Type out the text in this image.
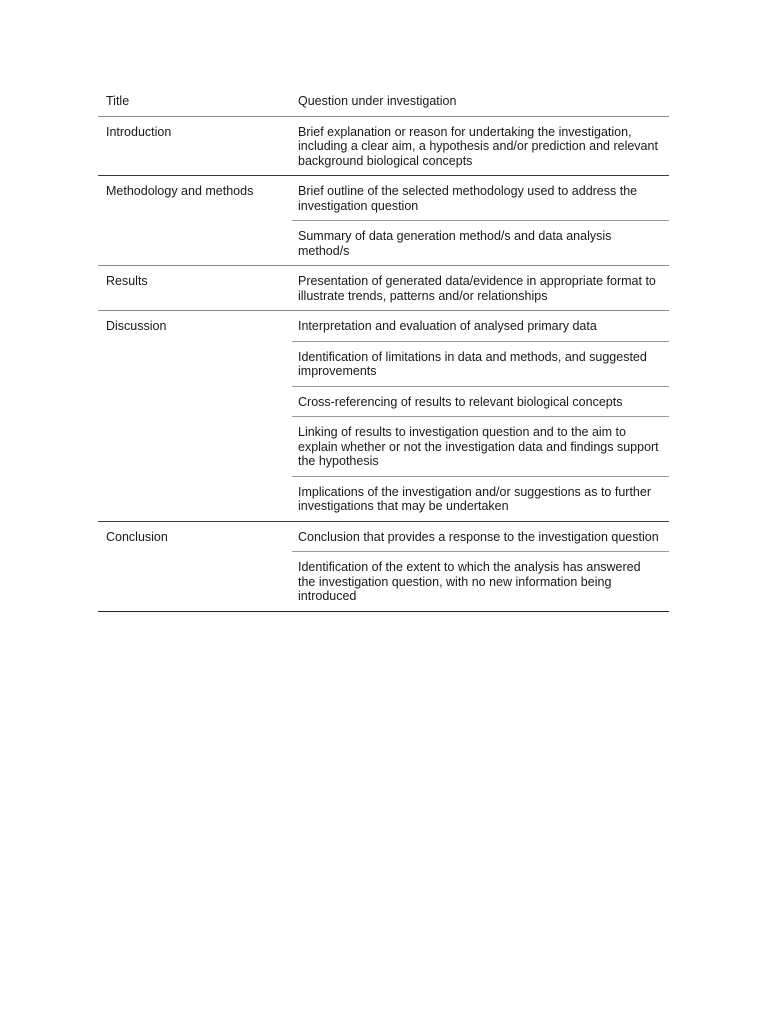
Title	Question under investigation
Introduction	Brief explanation or reason for undertaking the investigation, including a clear aim, a hypothesis and/or prediction and relevant background biological concepts
Methodology and methods	Brief outline of the selected methodology used to address the investigation question
Summary of data generation method/s and data analysis method/s
Results	Presentation of generated data/evidence in appropriate format to illustrate trends, patterns and/or relationships
Discussion	Interpretation and evaluation of analysed primary data
Identification of limitations in data and methods, and suggested improvements
Cross-referencing of results to relevant biological concepts
Linking of results to investigation question and to the aim to explain whether or not the investigation data and findings support the hypothesis
Implications of the investigation and/or suggestions as to further investigations that may be undertaken
Conclusion	Conclusion that provides a response to the investigation question
Identification of the extent to which the analysis has answered the investigation question, with no new information being introduced
